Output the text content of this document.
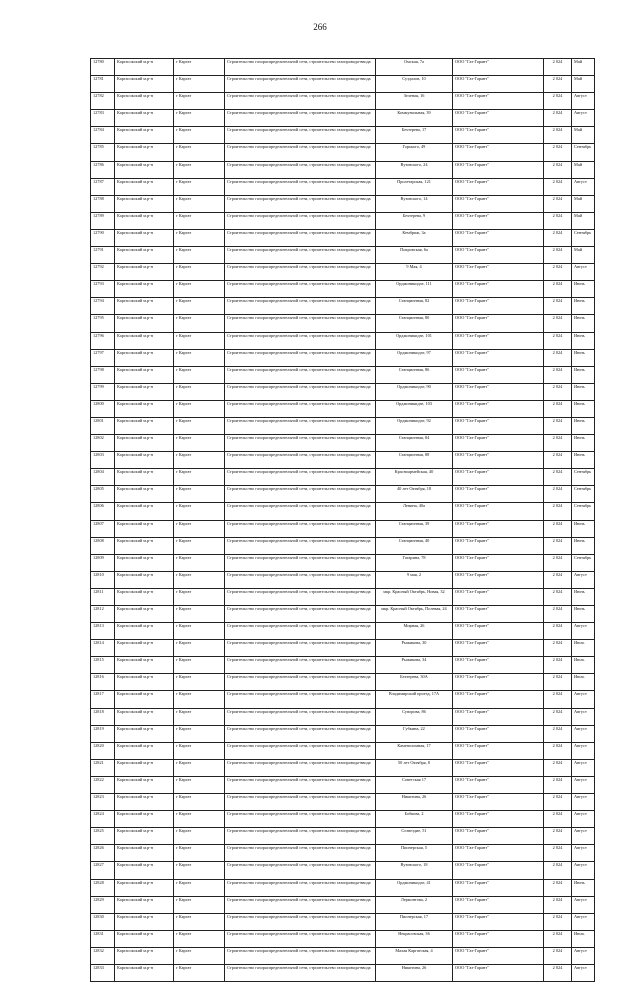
266
12780	Каргасокский м.р-н	г Каргат	Строительство газораспределительной сети, строительство газопровода-ввода	Омская, 7а	ООО "Газ-Гарант"	2 024	Май
12781	Каргасокский м.р-н	г Каргат	Строительство газораспределительной сети, строительство газопровода-ввода	Суздалов, 10	ООО "Газ-Гарант"	2 024	Май
12782	Каргасокский м.р-н	г Каргат	Строительство газораспределительной сети, строительство газопровода-ввода	Зеленая, 16	ООО "Газ-Гарант"	2 024	Август
12783	Каргасокский м.р-н	г Каргат	Строительство газораспределительной сети, строительство газопровода-ввода	Коммунальная, 39	ООО "Газ-Гарант"	2 024	Август
12784	Каргасокский м.р-н	г Каргат	Строительство газораспределительной сети, строительство газопровода-ввода	Бехтерева, 17	ООО "Газ-Гарант"	2 024	Май
12785	Каргасокский м.р-н	г Каргат	Строительство газораспределительной сети, строительство газопровода-ввода	Горького, 49	ООО "Газ-Гарант"	2 024	Сентябрь
12786	Каргасокский м.р-н	г Каргат	Строительство газораспределительной сети, строительство газопровода-ввода	Вузовского, 24	ООО "Газ-Гарант"	2 024	Май
12787	Каргасокский м.р-н	г Каргат	Строительство газораспределительной сети, строительство газопровода-ввода	Пролетарская, 121	ООО "Газ-Гарант"	2 024	Август
12788	Каргасокский м.р-н	г Каргат	Строительство газораспределительной сети, строительство газопровода-ввода	Вузовского, 14	ООО "Газ-Гарант"	2 024	Май
12789	Каргасокский м.р-н	г Каргат	Строительство газораспределительной сети, строительство газопровода-ввода	Бехтерева, 9	ООО "Газ-Гарант"	2 024	Май
12790	Каргасокский м.р-н	г Каргат	Строительство газораспределительной сети, строительство газопровода-ввода	Кембриж, 3а	ООО "Газ-Гарант"	2 024	Сентябрь
12791	Каргасокский м.р-н	г Каргат	Строительство газораспределительной сети, строительство газопровода-ввода	Покровская, 6а	ООО "Газ-Гарант"	2 024	Май
12792	Каргасокский м.р-н	г Каргат	Строительство газораспределительной сети, строительство газопровода-ввода	9 Мая, 4	ООО "Газ-Гарант"	2 024	Август
12793	Каргасокский м.р-н	г Каргат	Строительство газораспределительной сети, строительство газопровода-ввода	Орджоникидзе, 111	ООО "Газ-Гарант"	2 024	Июнь
12794	Каргасокский м.р-н	г Каргат	Строительство газораспределительной сети, строительство газопровода-ввода	Станционная, 82	ООО "Газ-Гарант"	2 024	Июнь
12795	Каргасокский м.р-н	г Каргат	Строительство газораспределительной сети, строительство газопровода-ввода	Станционная, 80	ООО "Газ-Гарант"	2 024	Июнь
12796	Каргасокский м.р-н	г Каргат	Строительство газораспределительной сети, строительство газопровода-ввода	Орджоникидзе, 101	ООО "Газ-Гарант"	2 024	Июнь
12797	Каргасокский м.р-н	г Каргат	Строительство газораспределительной сети, строительство газопровода-ввода	Орджоникидзе, 97	ООО "Газ-Гарант"	2 024	Июнь
12798	Каргасокский м.р-н	г Каргат	Строительство газораспределительной сети, строительство газопровода-ввода	Станционная, 86	ООО "Газ-Гарант"	2 024	Июнь
12799	Каргасокский м.р-н	г Каргат	Строительство газораспределительной сети, строительство газопровода-ввода	Орджоникидзе, 90	ООО "Газ-Гарант"	2 024	Июнь
12800	Каргасокский м.р-н	г Каргат	Строительство газораспределительной сети, строительство газопровода-ввода	Орджоникидзе, 103	ООО "Газ-Гарант"	2 024	Июнь
12801	Каргасокский м.р-н	г Каргат	Строительство газораспределительной сети, строительство газопровода-ввода	Орджоникидзе, 92	ООО "Газ-Гарант"	2 024	Июнь
12802	Каргасокский м.р-н	г Каргат	Строительство газораспределительной сети, строительство газопровода-ввода	Станционная, 84	ООО "Газ-Гарант"	2 024	Июнь
12803	Каргасокский м.р-н	г Каргат	Строительство газораспределительной сети, строительство газопровода-ввода	Станционная, 88	ООО "Газ-Гарант"	2 024	Июнь
12804	Каргасокский м.р-н	г Каргат	Строительство газораспределительной сети, строительство газопровода-ввода	Красноармейская, 40	ООО "Газ-Гарант"	2 024	Сентябрь
12805	Каргасокский м.р-н	г Каргат	Строительство газораспределительной сети, строительство газопровода-ввода	40 лет Октября, 18	ООО "Газ-Гарант"	2 024	Сентябрь
12806	Каргасокский м.р-н	г Каргат	Строительство газораспределительной сети, строительство газопровода-ввода	Ленина, 40а	ООО "Газ-Гарант"	2 024	Сентябрь
12807	Каргасокский м.р-н	г Каргат	Строительство газораспределительной сети, строительство газопровода-ввода	Станционная, 39	ООО "Газ-Гарант"	2 024	Июнь
12808	Каргасокский м.р-н	г Каргат	Строительство газораспределительной сети, строительство газопровода-ввода	Станционная, 40	ООО "Газ-Гарант"	2 024	Июнь
12809	Каргасокский м.р-н	г Каргат	Строительство газораспределительной сети, строительство газопровода-ввода	Гагарина, 78	ООО "Газ-Гарант"	2 024	Сентябрь
12810	Каргасокский м.р-н	г Каргат	Строительство газораспределительной сети, строительство газопровода-ввода	9 мая, 2	ООО "Газ-Гарант"	2 024	Август
12811	Каргасокский м.р-н	г Каргат	Строительство газораспределительной сети, строительство газопровода-ввода	мкр. Красный Октябрь, Новая, 32	ООО "Газ-Гарант"	2 024	Июнь
12812	Каргасокский м.р-н	г Каргат	Строительство газораспределительной сети, строительство газопровода-ввода	мкр. Красный Октябрь, Полевая, 24	ООО "Газ-Гарант"	2 024	Июнь
12813	Каргасокский м.р-н	г Каргат	Строительство газораспределительной сети, строительство газопровода-ввода	Мирная, 26	ООО "Газ-Гарант"	2 024	Август
12814	Каргасокский м.р-н	г Каргат	Строительство газораспределительной сети, строительство газопровода-ввода	Рыжикова, 30	ООО "Газ-Гарант"	2 024	Июль
12815	Каргасокский м.р-н	г Каргат	Строительство газораспределительной сети, строительство газопровода-ввода	Рыжикова, 34	ООО "Газ-Гарант"	2 024	Июль
12816	Каргасокский м.р-н	г Каргат	Строительство газораспределительной сети, строительство газопровода-ввода	Бехтерева, 30А	ООО "Газ-Гарант"	2 024	Июль
12817	Каргасокский м.р-н	г Каргат	Строительство газораспределительной сети, строительство газопровода-ввода	Владимирский проезд, 17А	ООО "Газ-Гарант"	2 024	Август
12818	Каргасокский м.р-н	г Каргат	Строительство газораспределительной сети, строительство газопровода-ввода	Суворова, 86	ООО "Газ-Гарант"	2 024	Август
12819	Каргасокский м.р-н	г Каргат	Строительство газораспределительной сети, строительство газопровода-ввода	Губкина, 22	ООО "Газ-Гарант"	2 024	Август
12820	Каргасокский м.р-н	г Каргат	Строительство газораспределительной сети, строительство газопровода-ввода	Каменоломная, 17	ООО "Газ-Гарант"	2 024	Август
12821	Каргасокский м.р-н	г Каргат	Строительство газораспределительной сети, строительство газопровода-ввода	50 лет Октября, 8	ООО "Газ-Гарант"	2 024	Август
12822	Каргасокский м.р-н	г Каргат	Строительство газораспределительной сети, строительство газопровода-ввода	Советская 17	ООО "Газ-Гарант"	2 024	Август
12823	Каргасокский м.р-н	г Каргат	Строительство газораспределительной сети, строительство газопровода-ввода	Никитина, 26	ООО "Газ-Гарант"	2 024	Август
12824	Каргасокский м.р-н	г Каргат	Строительство газораспределительной сети, строительство газопровода-ввода	Бобкова, 2	ООО "Газ-Гарант"	2 024	Август
12825	Каргасокский м.р-н	г Каргат	Строительство газораспределительной сети, строительство газопровода-ввода	Созвездие, 51	ООО "Газ-Гарант"	2 024	Август
12826	Каргасокский м.р-н	г Каргат	Строительство газораспределительной сети, строительство газопровода-ввода	Пионерская, 5	ООО "Газ-Гарант"	2 024	Август
12827	Каргасокский м.р-н	г Каргат	Строительство газораспределительной сети, строительство газопровода-ввода	Вузовского, 18	ООО "Газ-Гарант"	2 024	Август
12828	Каргасокский м.р-н	г Каргат	Строительство газораспределительной сети, строительство газопровода-ввода	Орджоникидзе, 41	ООО "Газ-Гарант"	2 024	Июнь
12829	Каргасокский м.р-н	г Каргат	Строительство газораспределительной сети, строительство газопровода-ввода	Лермонтова, 2	ООО "Газ-Гарант"	2 024	Август
12830	Каргасокский м.р-н	г Каргат	Строительство газораспределительной сети, строительство газопровода-ввода	Пионерская, 17	ООО "Газ-Гарант"	2 024	Август
12831	Каргасокский м.р-н	г Каргат	Строительство газораспределительной сети, строительство газопровода-ввода	Некрасовская, 36	ООО "Газ-Гарант"	2 024	Июль
12832	Каргасокский м.р-н	г Каргат	Строительство газораспределительной сети, строительство газопровода-ввода	Малая Каргатская, 4	ООО "Газ-Гарант"	2 024	Август
12833	Каргасокский м.р-н	г Каргат	Строительство газораспределительной сети, строительство газопровода-ввода	Никитина, 26	ООО "Газ-Гарант"	2 024	Август
